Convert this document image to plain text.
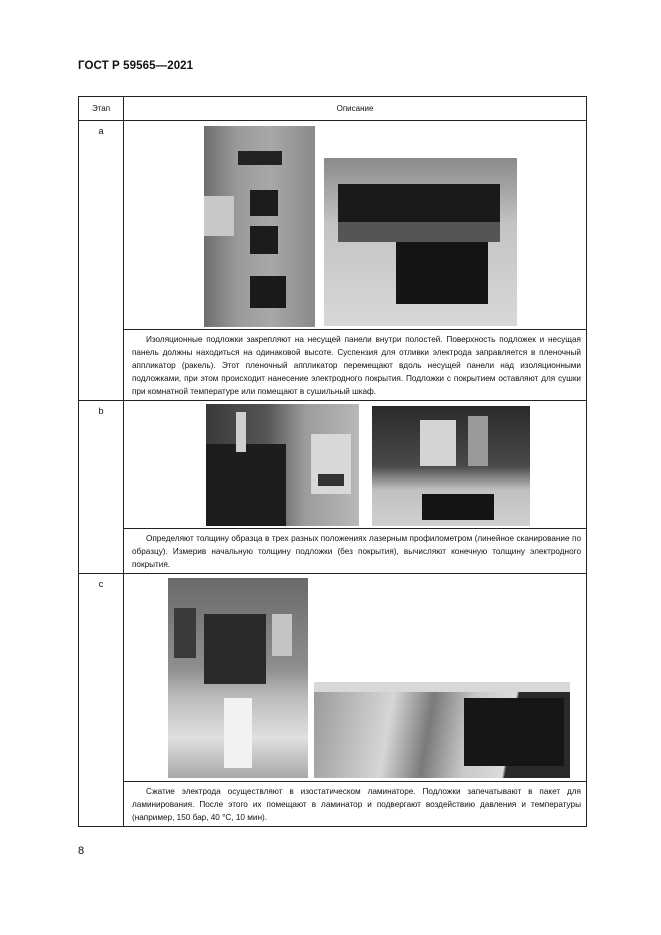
ГОСТ Р 59565—2021
Этап	Описание
a	

	Изоляционные подложки закрепляют на несущей панели внутри полостей. Поверхность подложек и несущая панель должны находиться на одинаковой высоте. Суспензия для отливки электрода заправляется в пленочный аппликатор (ракель). Этот пленочный аппликатор перемещают вдоль несущей панели над изоляционными подложками, при этом происходит нанесение электродного покрытия. Подложки с покрытием оставляют для сушки при комнатной температуре или помещают в сушильный шкаф.
b	

	Определяют толщину образца в трех разных положениях лазерным профилометром (линейное сканирование по образцу). Измерив начальную толщину подложки (без покрытия), вычисляют конечную толщину электродного покрытия.
c	

	Сжатие электрода осуществляют в изостатическом ламинаторе. Подложки запечатывают в пакет для ламинирования. После этого их помещают в ламинатор и подвергают воздействию давления и температуры (например, 150 бар, 40 °С, 10 мин).
8
